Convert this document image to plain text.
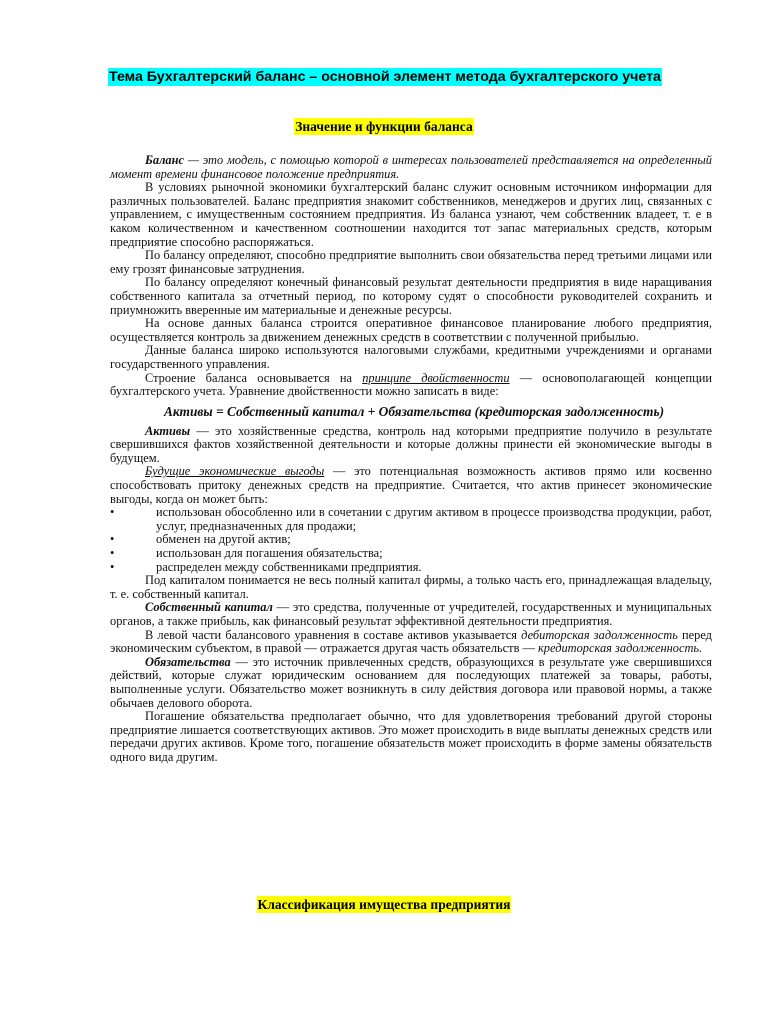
Тема Бухгалтерский баланс – основной элемент метода бухгалтерского учета
Значение и функции баланса

Баланс — это модель, с помощью которой в интересах пользователей представляется на определенный момент времени финансовое положение предприятия.

В условиях рыночной экономики бухгалтерский баланс служит основным источником информации для различных пользователей. Баланс предприятия знакомит собственников, менеджеров и других лиц, связанных с управлением, с имущественным состоянием предприятия. Из баланса узнают, чем собственник владеет, т. е в каком количественном и качественном соотношении находится тот запас материальных средств, которым предприятие способно распоряжаться.

По балансу определяют, способно предприятие выполнить свои обязательства перед третьими лицами или ему грозят финансовые затруднения.

По балансу определяют конечный финансовый результат деятельности предприятия в виде наращивания собственного капитала за отчетный период, по которому судят о способности руководителей сохранить и приумножить вверенные им материальные и денежные ресурсы.

На основе данных баланса строится оперативное финансовое планирование любого предприятия, осуществляется контроль за движением денежных средств в соответствии с полученной прибылью.

Данные баланса широко используются налоговыми службами, кредитными учреждениями и органами государственного управления.

Строение баланса основывается на принципе двойственности — основополагающей концепции бухгалтерского учета. Уравнение двойственности можно записать в виде:

Активы = Собственный капитал + Обязательства (кредиторская задолженность)

Активы — это хозяйственные средства, контроль над которыми предприятие получило в результате свершившихся фактов хозяйственной деятельности и которые должны принести ей экономические выгоды в будущем.

Будущие экономические выгоды — это потенциальная возможность активов прямо или косвенно способствовать притоку денежных средств на предприятие. Считается, что актив принесет экономические выгоды, когда он может быть:

•	использован обособленно или в сочетании с другим активом в процессе производства продукции, работ, услуг, предназначенных для продажи;
•	обменен на другой актив;
•	использован для погашения обязательства;
•	распределен между собственниками предприятия.

Под капиталом понимается не весь полный капитал фирмы, а только часть его, принадлежащая владельцу, т. е. собственный капитал.

Собственный капитал — это средства, полученные от учредителей, государственных и муниципальных органов, а также прибыль, как финансовый результат эффективной деятельности предприятия.

В левой части балансового уравнения в составе активов указывается дебиторская задолженность перед экономическим субъектом, в правой — отражается другая часть обязательств — кредиторская задолженность.

Обязательства — это источник привлеченных средств, образующихся в результате уже свершившихся действий, которые служат юридическим основанием для последующих платежей за товары, работы, выполненные услуги. Обязательство может возникнуть в силу действия договора или правовой нормы, а также обычаев делового оборота.

Погашение обязательства предполагает обычно, что для удовлетворения требований другой стороны предприятие лишается соответствующих активов. Это может происходить в виде выплаты денежных средств или передачи других активов. Кроме того, погашение обязательств может происходить в форме замены обязательств одного вида другим.

Классификация имущества предприятия
